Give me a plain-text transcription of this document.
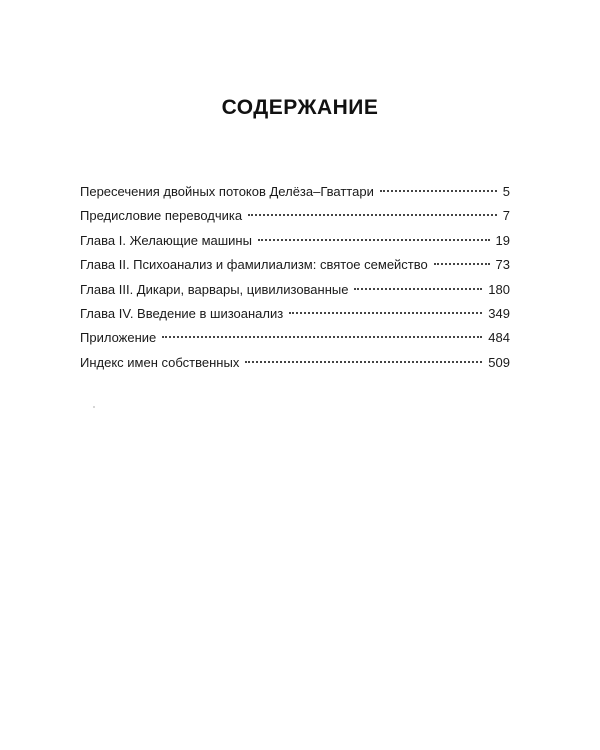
СОДЕРЖАНИЕ
Пересечения двойных потоков Делёза–Гваттари	5
Предисловие переводчика	7
Глава I. Желающие машины	19
Глава II. Психоанализ и фамилиализм: святое семейство	73
Глава III. Дикари, варвары, цивилизованные	180
Глава IV. Введение в шизоанализ	349
Приложение	484
Индекс имен собственных	509
